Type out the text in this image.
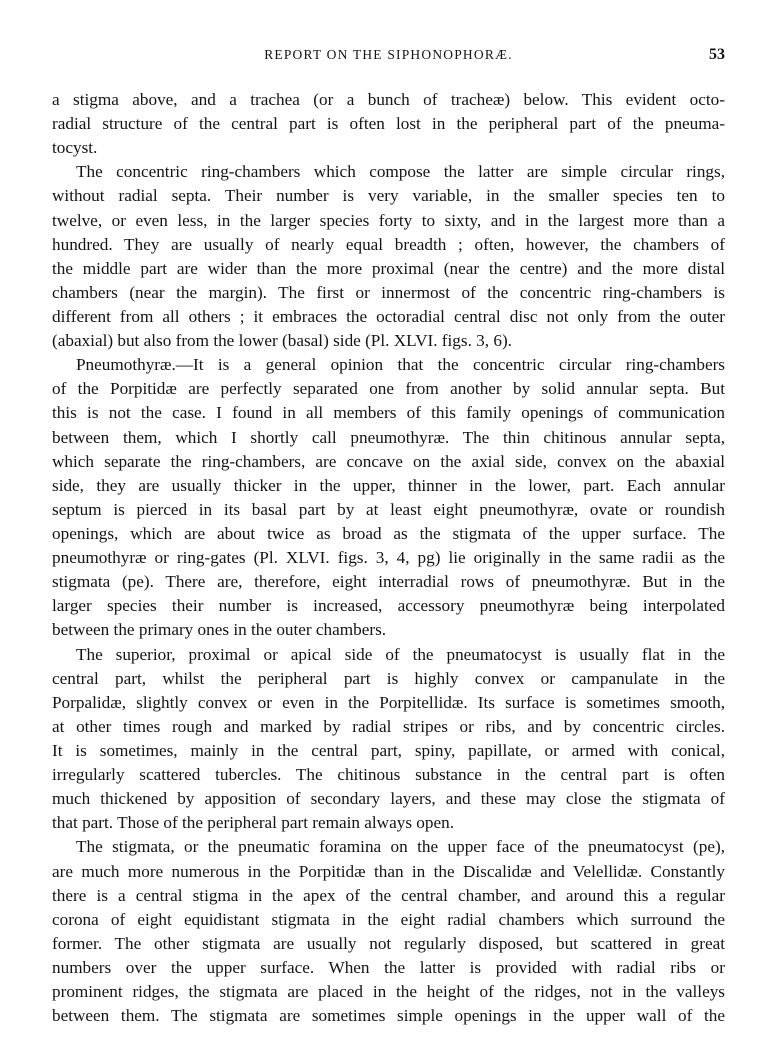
REPORT ON THE SIPHONOPHORÆ.	53

a stigma above, and a trachea (or a bunch of tracheæ) below. This evident octo-
radial structure of the central part is often lost in the peripheral part of the pneuma-
tocyst.

The concentric ring-chambers which compose the latter are simple circular rings,
without radial septa. Their number is very variable, in the smaller species ten to
twelve, or even less, in the larger species forty to sixty, and in the largest more than a
hundred. They are usually of nearly equal breadth ; often, however, the chambers of
the middle part are wider than the more proximal (near the centre) and the more distal
chambers (near the margin). The first or innermost of the concentric ring-chambers is
different from all others ; it embraces the octoradial central disc not only from the outer
(abaxial) but also from the lower (basal) side (Pl. XLVI. figs. 3, 6).

Pneumothyræ.—It is a general opinion that the concentric circular ring-chambers
of the Porpitidæ are perfectly separated one from another by solid annular septa. But
this is not the case. I found in all members of this family openings of communication
between them, which I shortly call pneumothyræ. The thin chitinous annular septa,
which separate the ring-chambers, are concave on the axial side, convex on the abaxial
side, they are usually thicker in the upper, thinner in the lower, part. Each annular
septum is pierced in its basal part by at least eight pneumothyræ, ovate or roundish
openings, which are about twice as broad as the stigmata of the upper surface. The
pneumothyræ or ring-gates (Pl. XLVI. figs. 3, 4, pg) lie originally in the same radii as the
stigmata (pe). There are, therefore, eight interradial rows of pneumothyræ. But in the
larger species their number is increased, accessory pneumothyræ being interpolated
between the primary ones in the outer chambers.

The superior, proximal or apical side of the pneumatocyst is usually flat in the
central part, whilst the peripheral part is highly convex or campanulate in the
Porpalidæ, slightly convex or even in the Porpitellidæ. Its surface is sometimes smooth,
at other times rough and marked by radial stripes or ribs, and by concentric circles.
It is sometimes, mainly in the central part, spiny, papillate, or armed with conical,
irregularly scattered tubercles. The chitinous substance in the central part is often
much thickened by apposition of secondary layers, and these may close the stigmata of
that part. Those of the peripheral part remain always open.

The stigmata, or the pneumatic foramina on the upper face of the pneumatocyst (pe),
are much more numerous in the Porpitidæ than in the Discalidæ and Velellidæ. Constantly
there is a central stigma in the apex of the central chamber, and around this a regular
corona of eight equidistant stigmata in the eight radial chambers which surround the
former. The other stigmata are usually not regularly disposed, but scattered in great
numbers over the upper surface. When the latter is provided with radial ribs or
prominent ridges, the stigmata are placed in the height of the ridges, not in the valleys
between them. The stigmata are sometimes simple openings in the upper wall of the
